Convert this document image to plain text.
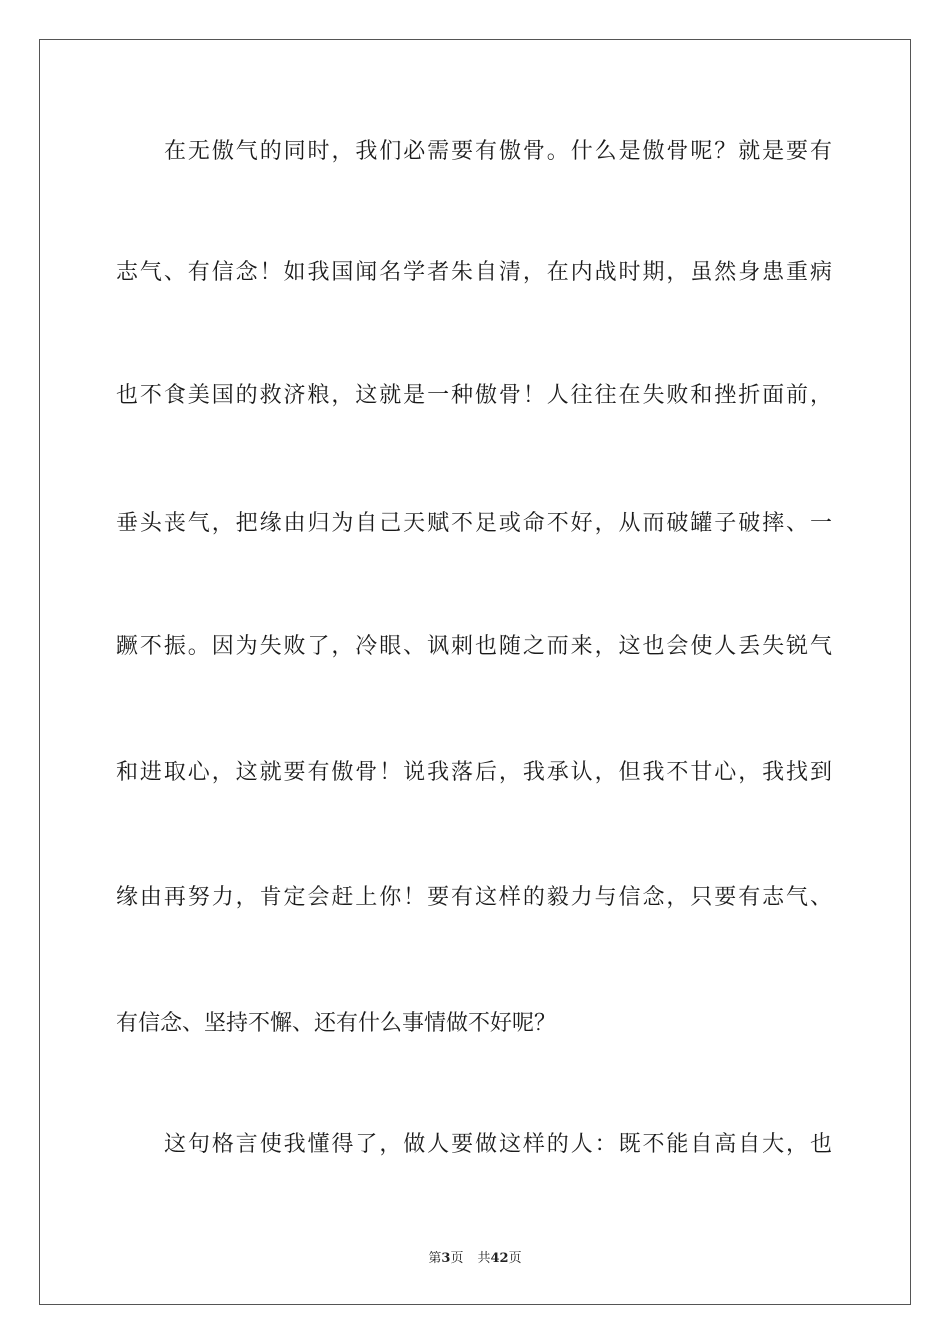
在无傲气的同时，我们必需要有傲骨。什么是傲骨呢？就是要有
志气、有信念！如我国闻名学者朱自清，在内战时期，虽然身患重病
也不食美国的救济粮，这就是一种傲骨！人往往在失败和挫折面前，
垂头丧气，把缘由归为自己天赋不足或命不好，从而破罐子破摔、一
蹶不振。因为失败了，冷眼、讽刺也随之而来，这也会使人丢失锐气
和进取心，这就要有傲骨！说我落后，我承认，但我不甘心，我找到
缘由再努力，肯定会赶上你！要有这样的毅力与信念，只要有志气、
有信念、坚持不懈、还有什么事情做不好呢？
这句格言使我懂得了，做人要做这样的人：既不能自高自大，也
第3页 共42页
